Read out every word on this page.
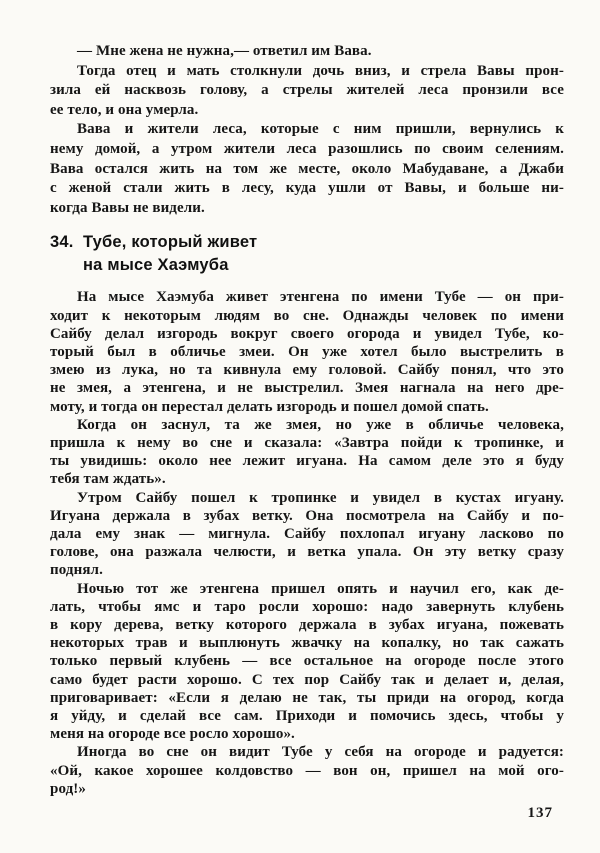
— Мне жена не нужна,— ответил им Вава.
Тогда отец и мать столкнули дочь вниз, и стрела Вавы прон-
зила ей насквозь голову, а стрелы жителей леса пронзили все
ее тело, и она умерла.
Вава и жители леса, которые с ним пришли, вернулись к
нему домой, а утром жители леса разошлись по своим селениям.
Вава остался жить на том же месте, около Мабудаване, а Джаби
с женой стали жить в лесу, куда ушли от Вавы, и больше ни-
когда Вавы не видели.
34. Тубе, который живет
на мысе Хаэмуба
На мысе Хаэмуба живет этенгена по имени Тубе — он при-
ходит к некоторым людям во сне. Однажды человек по имени
Сайбу делал изгородь вокруг своего огорода и увидел Тубе, ко-
торый был в обличье змеи. Он уже хотел было выстрелить в
змею из лука, но та кивнула ему головой. Сайбу понял, что это
не змея, а этенгена, и не выстрелил. Змея нагнала на него дре-
моту, и тогда он перестал делать изгородь и пошел домой спать.
Когда он заснул, та же змея, но уже в обличье человека,
пришла к нему во сне и сказала: «Завтра пойди к тропинке, и
ты увидишь: около нее лежит игуана. На самом деле это я буду
тебя там ждать».
Утром Сайбу пошел к тропинке и увидел в кустах игуану.
Игуана держала в зубах ветку. Она посмотрела на Сайбу и по-
дала ему знак — мигнула. Сайбу похлопал игуану ласково по
голове, она разжала челюсти, и ветка упала. Он эту ветку сразу
поднял.
Ночью тот же этенгена пришел опять и научил его, как де-
лать, чтобы ямс и таро росли хорошо: надо завернуть клубень
в кору дерева, ветку которого держала в зубах игуана, пожевать
некоторых трав и выплюнуть жвачку на копалку, но так сажать
только первый клубень — все остальное на огороде после этого
само будет расти хорошо. С тех пор Сайбу так и делает и, делая,
приговаривает: «Если я делаю не так, ты приди на огород, когда
я уйду, и сделай все сам. Приходи и помочись здесь, чтобы у
меня на огороде все росло хорошо».
Иногда во сне он видит Тубе у себя на огороде и радуется:
«Ой, какое хорошее колдовство — вон он, пришел на мой ого-
род!»
137
